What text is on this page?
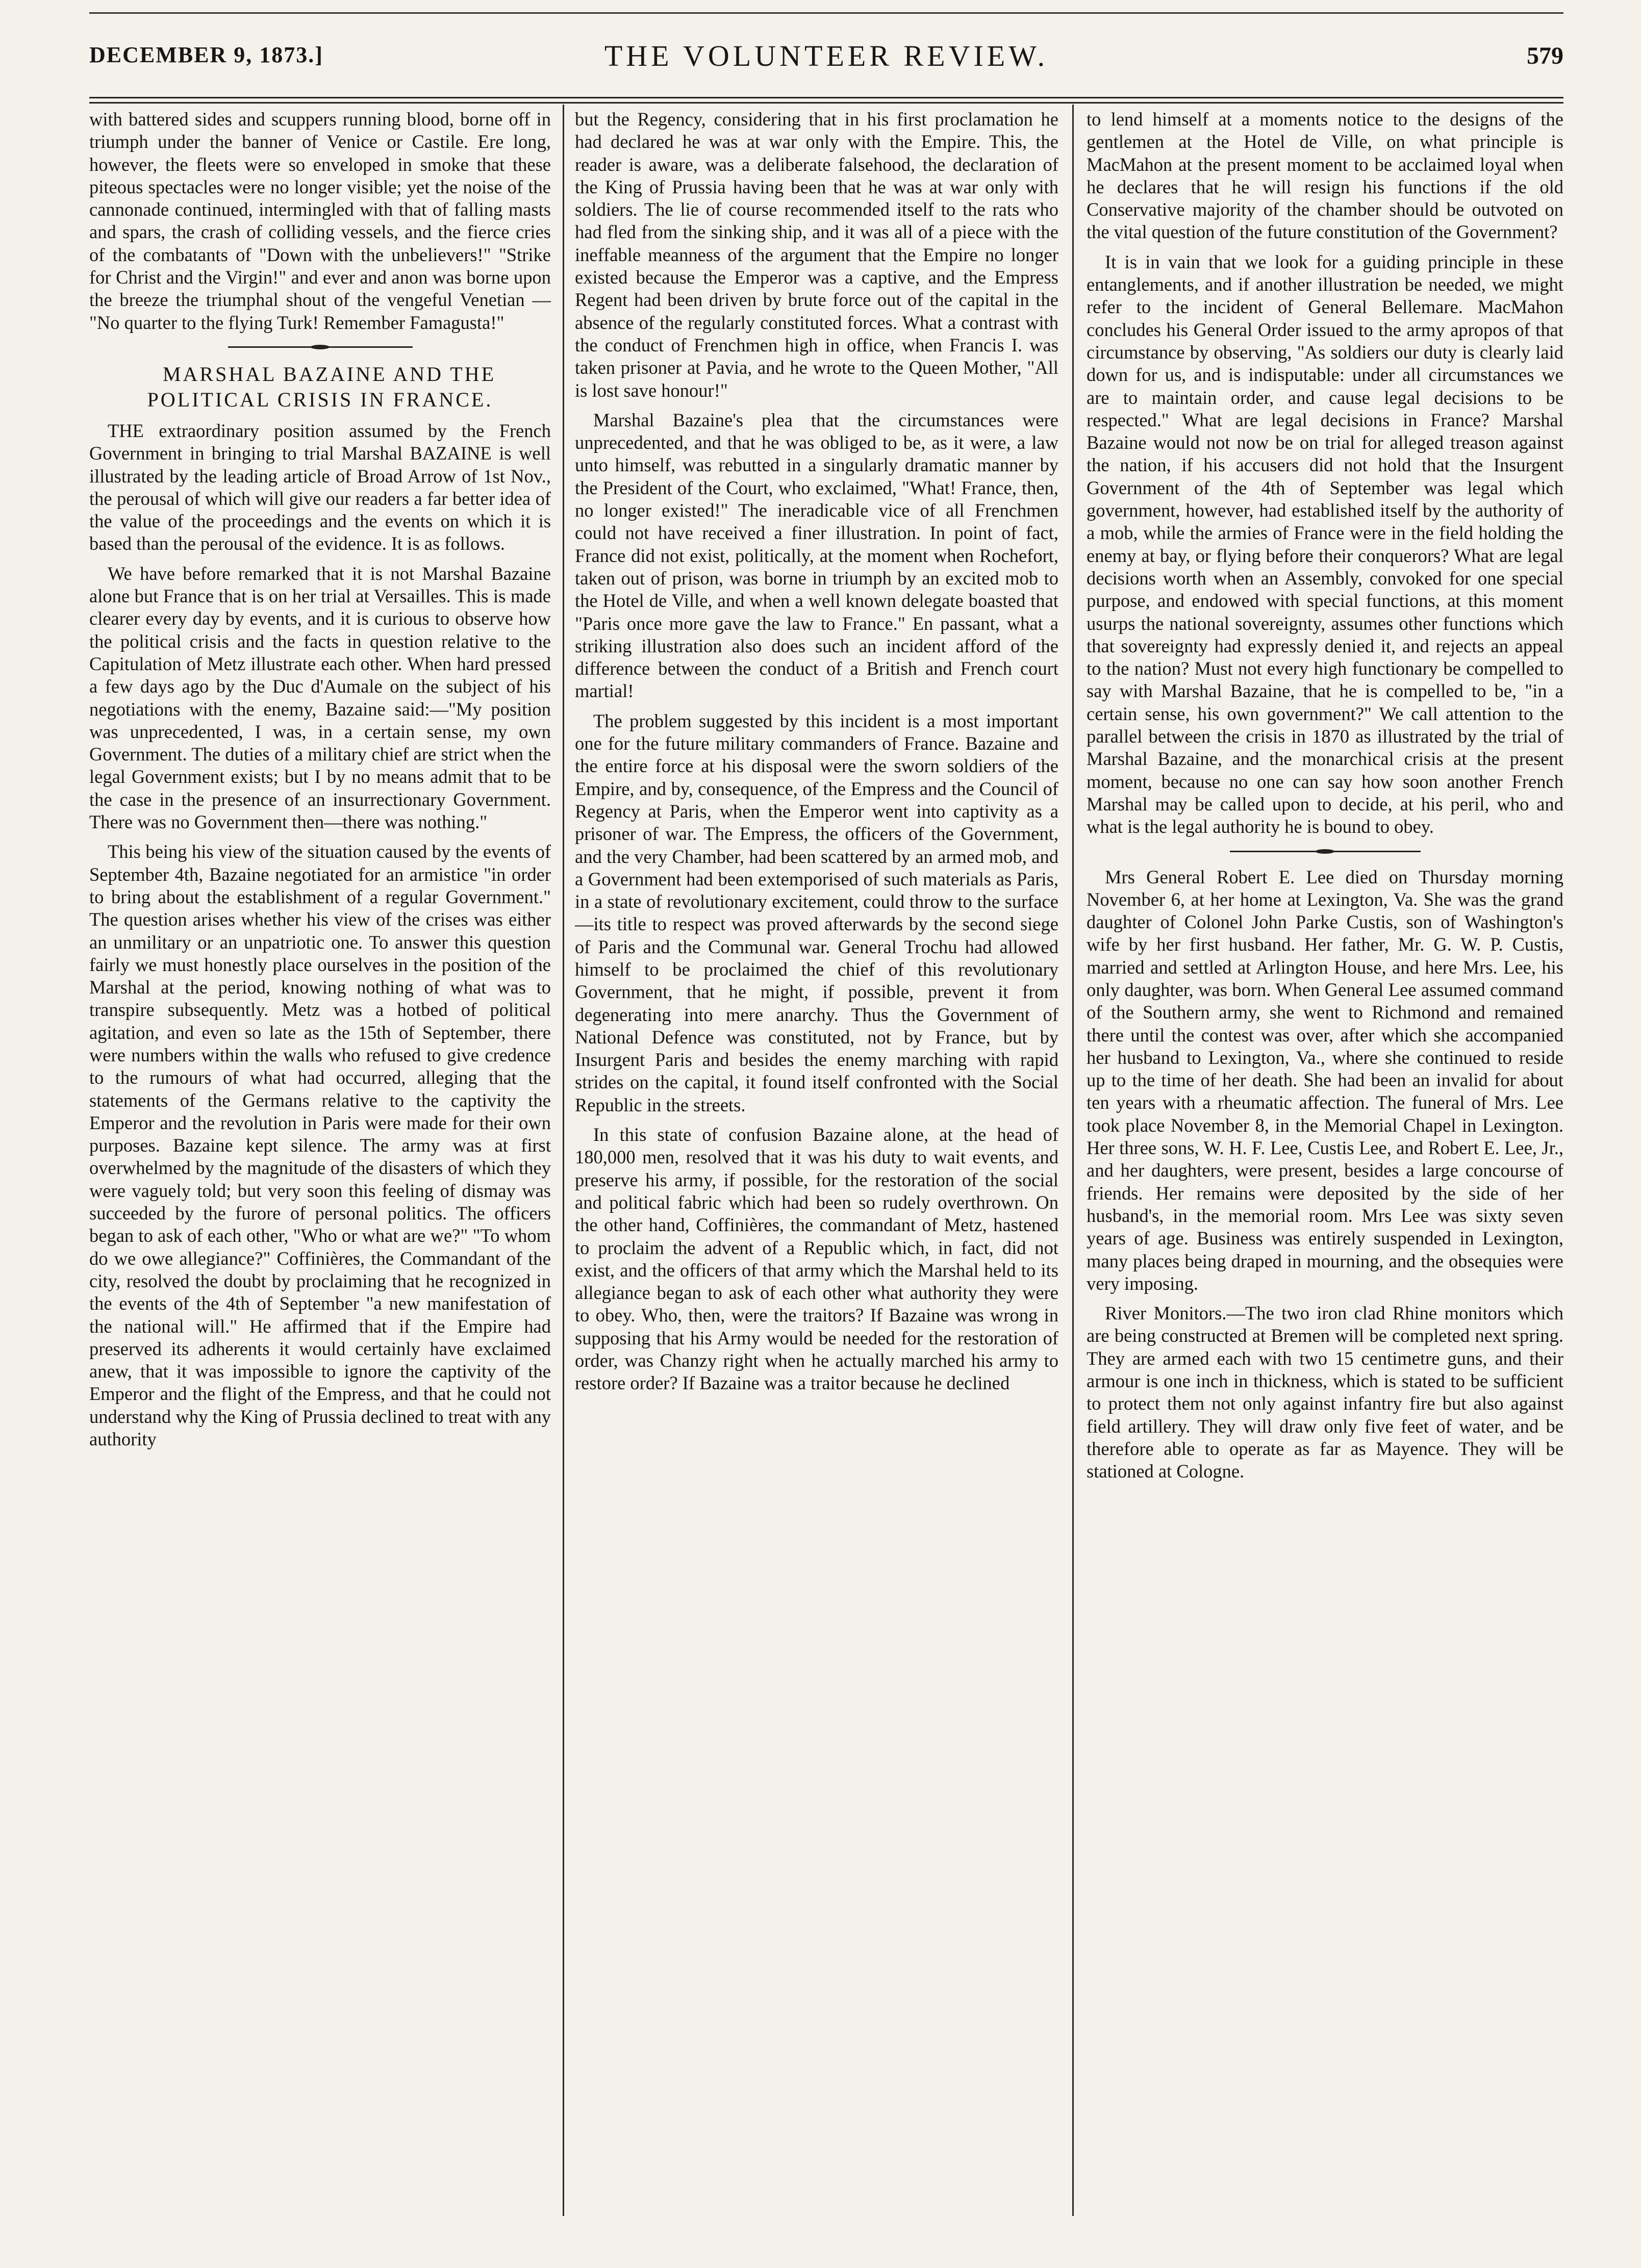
DECEMBER 9, 1873.]	THE VOLUNTEER REVIEW.	579

with battered sides and scuppers running blood, borne off in triumph under the banner of Venice or Castile. Ere long, however, the fleets were so enveloped in smoke that these piteous spectacles were no longer visible; yet the noise of the cannonade continued, intermingled with that of falling masts and spars, the crash of colliding vessels, and the fierce cries of the combatants of "Down with the unbelievers!" "Strike for Christ and the Virgin!" and ever and anon was borne upon the breeze the triumphal shout of the vengeful Venetian — "No quarter to the flying Turk! Remember Famagusta!"

MARSHAL BAZAINE AND THE POLITICAL CRISIS IN FRANCE.

THE extraordinary position assumed by the French Government in bringing to trial Marshal BAZAINE is well illustrated by the leading article of Broad Arrow of 1st Nov., the perousal of which will give our readers a far better idea of the value of the proceedings and the events on which it is based than the perousal of the evidence. It is as follows.

We have before remarked that it is not Marshal Bazaine alone but France that is on her trial at Versailles. This is made clearer every day by events, and it is curious to observe how the political crisis and the facts in question relative to the Capitulation of Metz illustrate each other. When hard pressed a few days ago by the Duc d'Aumale on the subject of his negotiations with the enemy, Bazaine said:—"My position was unprecedented, I was, in a certain sense, my own Government. The duties of a military chief are strict when the legal Government exists; but I by no means admit that to be the case in the presence of an insurrectionary Government. There was no Government then—there was nothing."

This being his view of the situation caused by the events of September 4th, Bazaine negotiated for an armistice "in order to bring about the establishment of a regular Government." The question arises whether his view of the crises was either an unmilitary or an unpatriotic one. To answer this question fairly we must honestly place ourselves in the position of the Marshal at the period, knowing nothing of what was to transpire subsequently. Metz was a hotbed of political agitation, and even so late as the 15th of September, there were numbers within the walls who refused to give credence to the rumours of what had occurred, alleging that the statements of the Germans relative to the captivity the Emperor and the revolution in Paris were made for their own purposes. Bazaine kept silence. The army was at first overwhelmed by the magnitude of the disasters of which they were vaguely told; but very soon this feeling of dismay was succeeded by the furore of personal politics. The officers began to ask of each other, "Who or what are we?" "To whom do we owe allegiance?" Coffinières, the Commandant of the city, resolved the doubt by proclaiming that he recognized in the events of the 4th of September "a new manifestation of the national will." He affirmed that if the Empire had preserved its adherents it would certainly have exclaimed anew, that it was impossible to ignore the captivity of the Emperor and the flight of the Empress, and that he could not understand why the King of Prussia declined to treat with any authority

but the Regency, considering that in his first proclamation he had declared he was at war only with the Empire. This, the reader is aware, was a deliberate falsehood, the declaration of the King of Prussia having been that he was at war only with soldiers. The lie of course recommended itself to the rats who had fled from the sinking ship, and it was all of a piece with the ineffable meanness of the argument that the Empire no longer existed because the Emperor was a captive, and the Empress Regent had been driven by brute force out of the capital in the absence of the regularly constituted forces. What a contrast with the conduct of Frenchmen high in office, when Francis I. was taken prisoner at Pavia, and he wrote to the Queen Mother, "All is lost save honour!"

Marshal Bazaine's plea that the circumstances were unprecedented, and that he was obliged to be, as it were, a law unto himself, was rebutted in a singularly dramatic manner by the President of the Court, who exclaimed, "What! France, then, no longer existed!" The ineradicable vice of all Frenchmen could not have received a finer illustration. In point of fact, France did not exist, politically, at the moment when Rochefort, taken out of prison, was borne in triumph by an excited mob to the Hotel de Ville, and when a well known delegate boasted that "Paris once more gave the law to France." En passant, what a striking illustration also does such an incident afford of the difference between the conduct of a British and French court martial!

The problem suggested by this incident is a most important one for the future military commanders of France. Bazaine and the entire force at his disposal were the sworn soldiers of the Empire, and by, consequence, of the Empress and the Council of Regency at Paris, when the Emperor went into captivity as a prisoner of war. The Empress, the officers of the Government, and the very Chamber, had been scattered by an armed mob, and a Government had been extemporised of such materials as Paris, in a state of revolutionary excitement, could throw to the surface—its title to respect was proved afterwards by the second siege of Paris and the Communal war. General Trochu had allowed himself to be proclaimed the chief of this revolutionary Government, that he might, if possible, prevent it from degenerating into mere anarchy. Thus the Government of National Defence was constituted, not by France, but by Insurgent Paris and besides the enemy marching with rapid strides on the capital, it found itself confronted with the Social Republic in the streets.

In this state of confusion Bazaine alone, at the head of 180,000 men, resolved that it was his duty to wait events, and preserve his army, if possible, for the restoration of the social and political fabric which had been so rudely overthrown. On the other hand, Coffinières, the commandant of Metz, hastened to proclaim the advent of a Republic which, in fact, did not exist, and the officers of that army which the Marshal held to its allegiance began to ask of each other what authority they were to obey. Who, then, were the traitors? If Bazaine was wrong in supposing that his Army would be needed for the restoration of order, was Chanzy right when he actually marched his army to restore order? If Bazaine was a traitor because he declined

to lend himself at a moments notice to the designs of the gentlemen at the Hotel de Ville, on what principle is MacMahon at the present moment to be acclaimed loyal when he declares that he will resign his functions if the old Conservative majority of the chamber should be outvoted on the vital question of the future constitution of the Government?

It is in vain that we look for a guiding principle in these entanglements, and if another illustration be needed, we might refer to the incident of General Bellemare. MacMahon concludes his General Order issued to the army apropos of that circumstance by observing, "As soldiers our duty is clearly laid down for us, and is indisputable: under all circumstances we are to maintain order, and cause legal decisions to be respected." What are legal decisions in France? Marshal Bazaine would not now be on trial for alleged treason against the nation, if his accusers did not hold that the Insurgent Government of the 4th of September was legal which government, however, had established itself by the authority of a mob, while the armies of France were in the field holding the enemy at bay, or flying before their conquerors? What are legal decisions worth when an Assembly, convoked for one special purpose, and endowed with special functions, at this moment usurps the national sovereignty, assumes other functions which that sovereignty had expressly denied it, and rejects an appeal to the nation? Must not every high functionary be compelled to say with Marshal Bazaine, that he is compelled to be, "in a certain sense, his own government?" We call attention to the parallel between the crisis in 1870 as illustrated by the trial of Marshal Bazaine, and the monarchical crisis at the present moment, because no one can say how soon another French Marshal may be called upon to decide, at his peril, who and what is the legal authority he is bound to obey.

Mrs General Robert E. Lee died on Thursday morning November 6, at her home at Lexington, Va. She was the grand daughter of Colonel John Parke Custis, son of Washington's wife by her first husband. Her father, Mr. G. W. P. Custis, married and settled at Arlington House, and here Mrs. Lee, his only daughter, was born. When General Lee assumed command of the Southern army, she went to Richmond and remained there until the contest was over, after which she accompanied her husband to Lexington, Va., where she continued to reside up to the time of her death. She had been an invalid for about ten years with a rheumatic affection. The funeral of Mrs. Lee took place November 8, in the Memorial Chapel in Lexington. Her three sons, W. H. F. Lee, Custis Lee, and Robert E. Lee, Jr., and her daughters, were present, besides a large concourse of friends. Her remains were deposited by the side of her husband's, in the memorial room. Mrs Lee was sixty seven years of age. Business was entirely suspended in Lexington, many places being draped in mourning, and the obsequies were very imposing.

River Monitors.—The two iron clad Rhine monitors which are being constructed at Bremen will be completed next spring. They are armed each with two 15 centimetre guns, and their armour is one inch in thickness, which is stated to be sufficient to protect them not only against infantry fire but also against field artillery. They will draw only five feet of water, and be therefore able to operate as far as Mayence. They will be stationed at Cologne.
